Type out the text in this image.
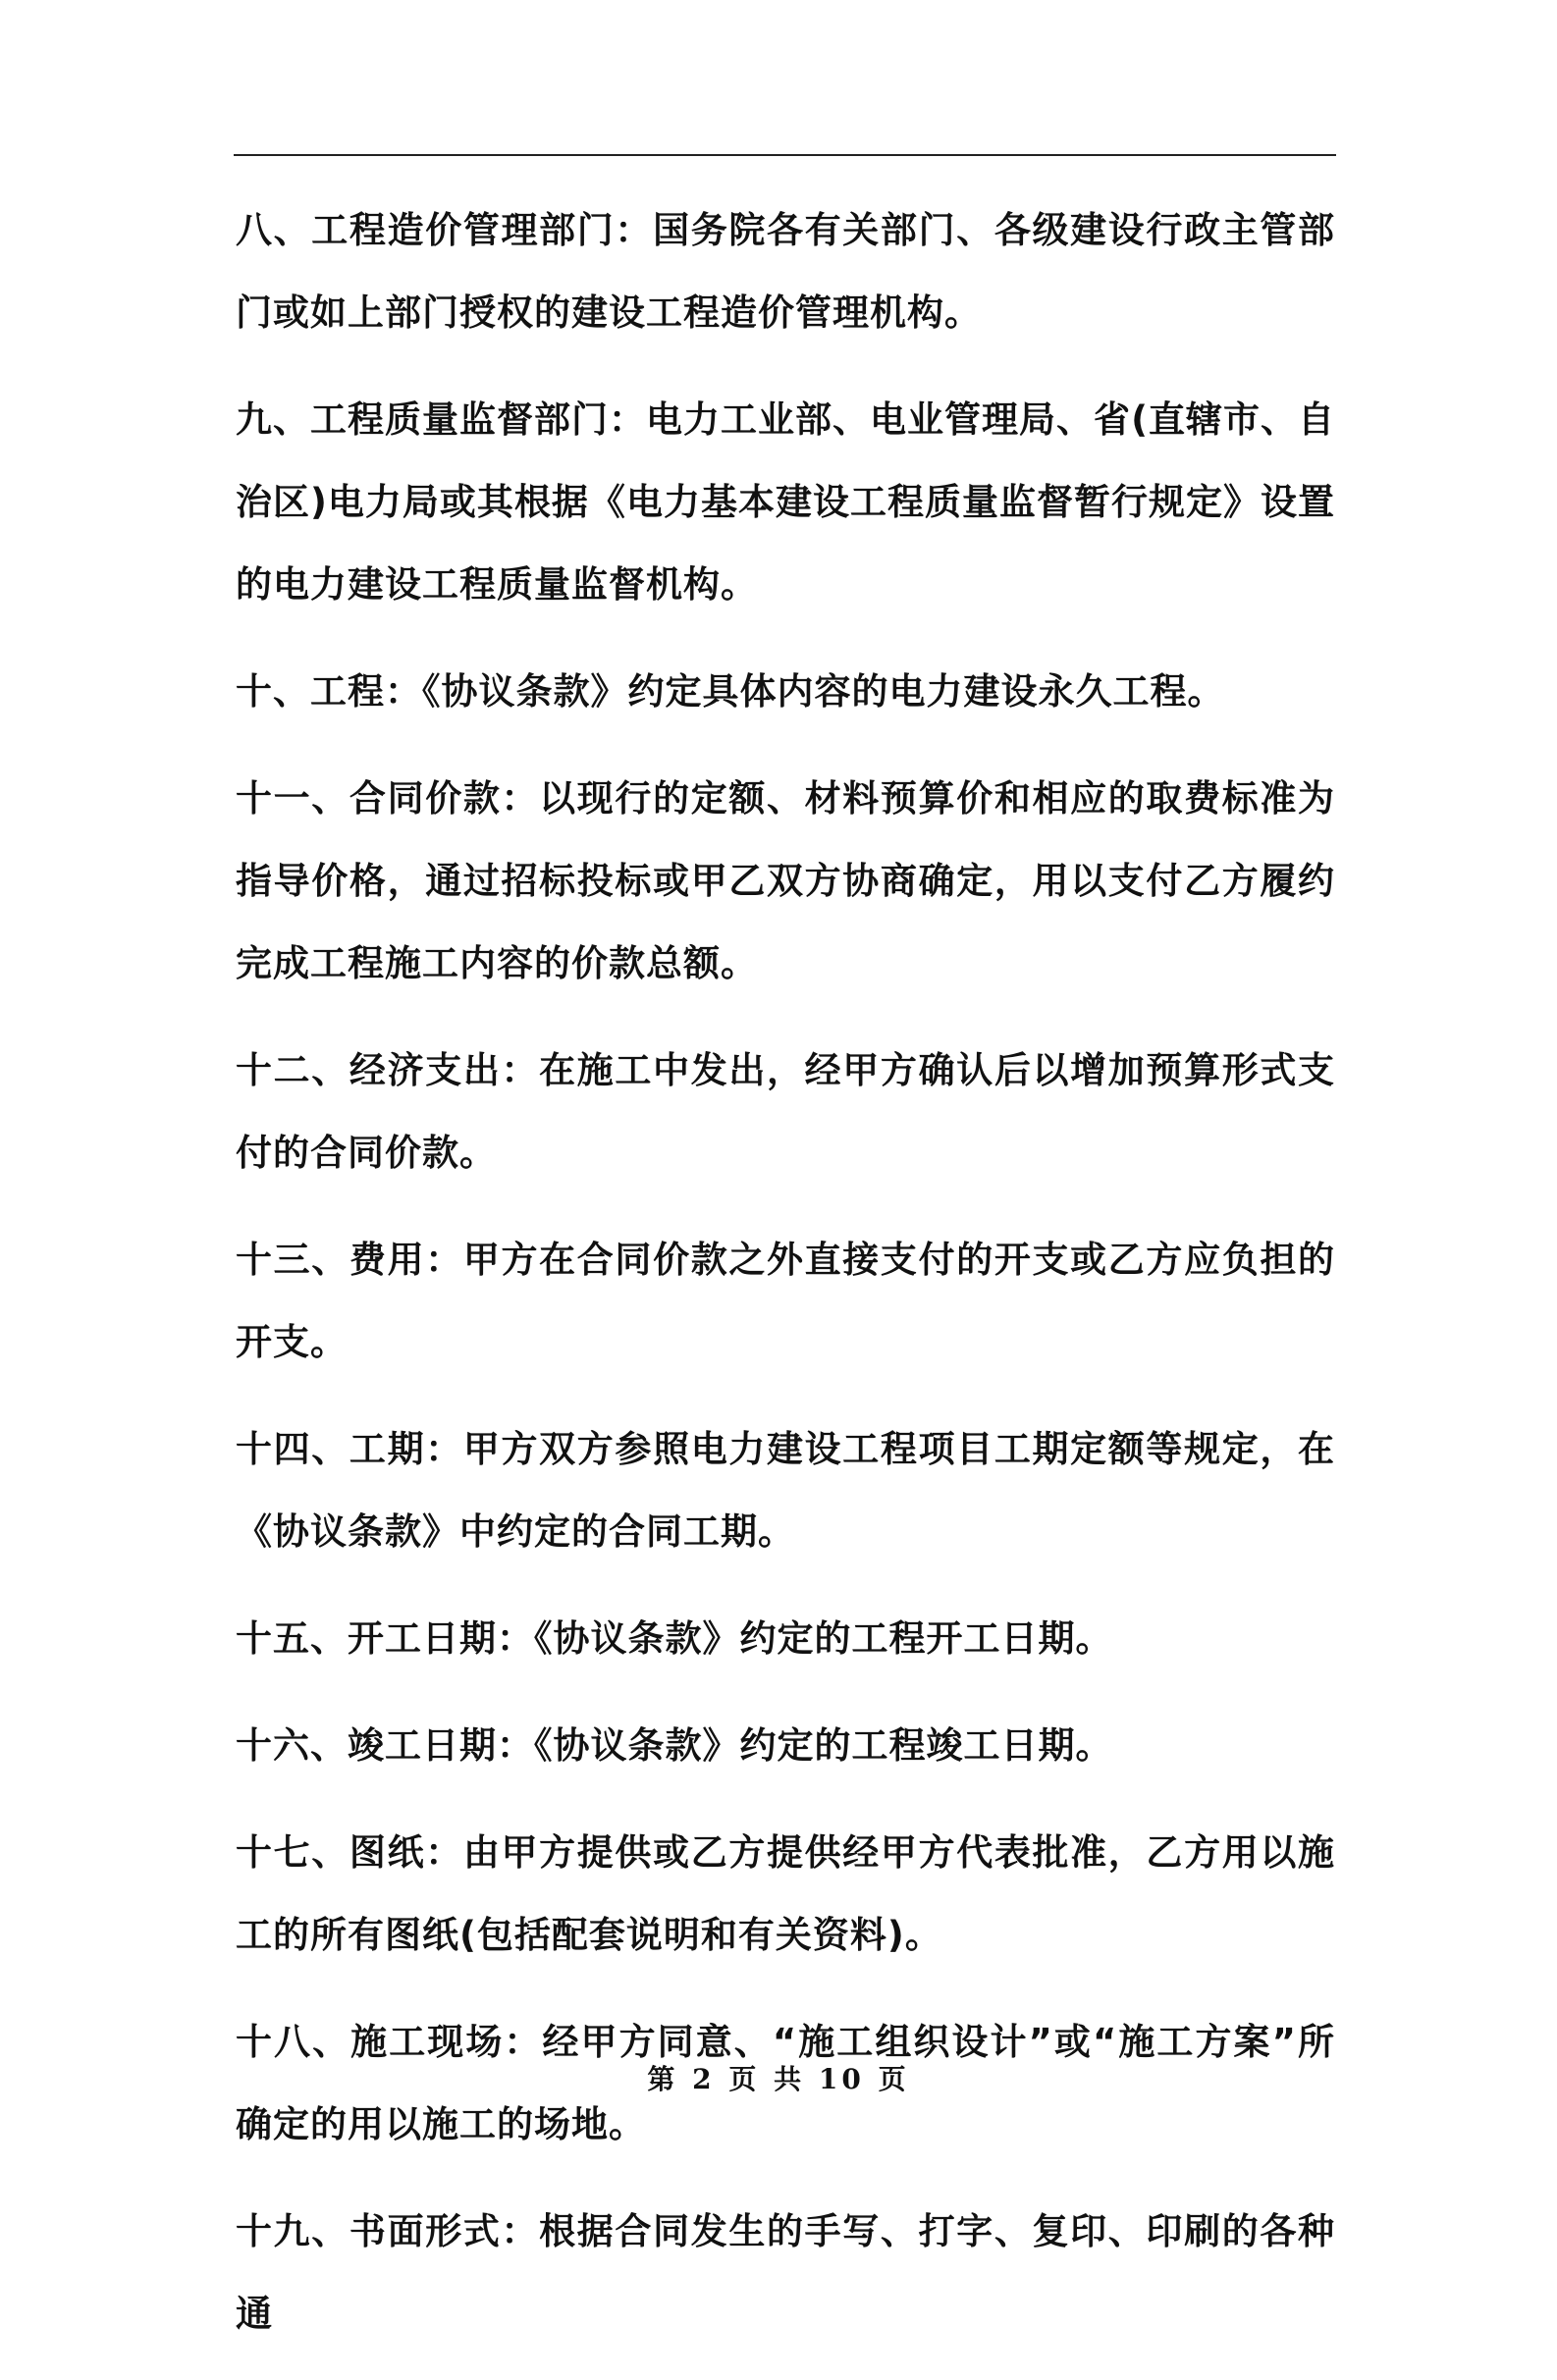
八、工程造价管理部门：国务院各有关部门、各级建设行政主管部门或如上部门授权的建设工程造价管理机构。

九、工程质量监督部门：电力工业部、电业管理局、省(直辖市、自治区)电力局或其根据《电力基本建设工程质量监督暂行规定》设置的电力建设工程质量监督机构。

十、工程：《协议条款》约定具体内容的电力建设永久工程。

十一、合同价款：以现行的定额、材料预算价和相应的取费标准为指导价格，通过招标投标或甲乙双方协商确定，用以支付乙方履约完成工程施工内容的价款总额。

十二、经济支出：在施工中发出，经甲方确认后以增加预算形式支付的合同价款。

十三、费用：甲方在合同价款之外直接支付的开支或乙方应负担的开支。

十四、工期：甲方双方参照电力建设工程项目工期定额等规定，在《协议条款》中约定的合同工期。

十五、开工日期：《协议条款》约定的工程开工日期。

十六、竣工日期：《协议条款》约定的工程竣工日期。

十七、图纸：由甲方提供或乙方提供经甲方代表批准，乙方用以施工的所有图纸(包括配套说明和有关资料)。

十八、施工现场：经甲方同意、“施工组织设计”或“施工方案”所确定的用以施工的场地。

十九、书面形式：根据合同发生的手写、打字、复印、印刷的各种通

第 2 页 共 10 页
